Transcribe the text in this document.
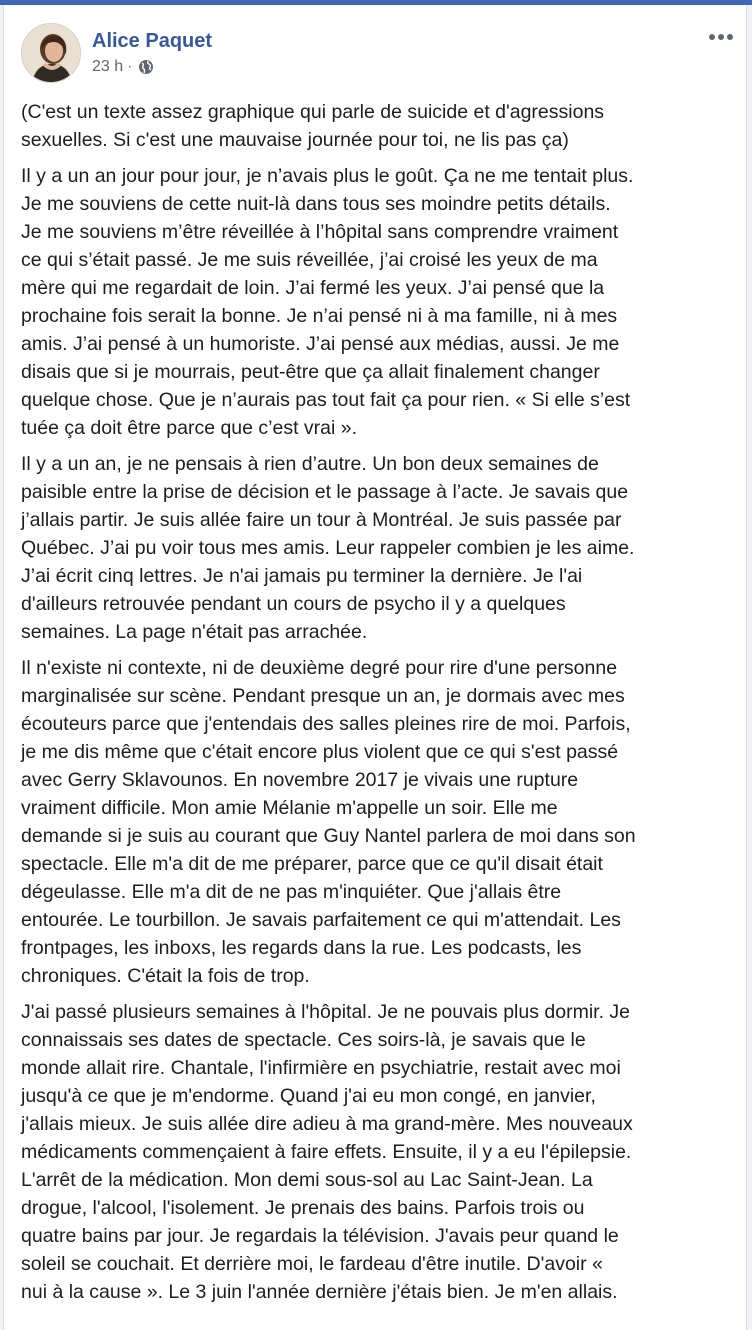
Alice Paquet
23 h ·

(C'est un texte assez graphique qui parle de suicide et d'agressions
sexuelles. Si c'est une mauvaise journée pour toi, ne lis pas ça)

Il y a un an jour pour jour, je n’avais plus le goût. Ça ne me tentait plus.
Je me souviens de cette nuit-là dans tous ses moindre petits détails.
Je me souviens m’être réveillée à l’hôpital sans comprendre vraiment
ce qui s’était passé. Je me suis réveillée, j’ai croisé les yeux de ma
mère qui me regardait de loin. J’ai fermé les yeux. J’ai pensé que la
prochaine fois serait la bonne. Je n’ai pensé ni à ma famille, ni à mes
amis. J’ai pensé à un humoriste. J’ai pensé aux médias, aussi. Je me
disais que si je mourrais, peut-être que ça allait finalement changer
quelque chose. Que je n’aurais pas tout fait ça pour rien. « Si elle s’est
tuée ça doit être parce que c’est vrai ».

Il y a un an, je ne pensais à rien d’autre. Un bon deux semaines de
paisible entre la prise de décision et le passage à l’acte. Je savais que
j’allais partir. Je suis allée faire un tour à Montréal. Je suis passée par
Québec. J’ai pu voir tous mes amis. Leur rappeler combien je les aime.
J’ai écrit cinq lettres. Je n'ai jamais pu terminer la dernière. Je l'ai
d'ailleurs retrouvée pendant un cours de psycho il y a quelques
semaines. La page n'était pas arrachée.

Il n'existe ni contexte, ni de deuxième degré pour rire d'une personne
marginalisée sur scène. Pendant presque un an, je dormais avec mes
écouteurs parce que j'entendais des salles pleines rire de moi. Parfois,
je me dis même que c'était encore plus violent que ce qui s'est passé
avec Gerry Sklavounos. En novembre 2017 je vivais une rupture
vraiment difficile. Mon amie Mélanie m'appelle un soir. Elle me
demande si je suis au courant que Guy Nantel parlera de moi dans son
spectacle. Elle m'a dit de me préparer, parce que ce qu'il disait était
dégeulasse. Elle m'a dit de ne pas m'inquiéter. Que j'allais être
entourée. Le tourbillon. Je savais parfaitement ce qui m'attendait. Les
frontpages, les inboxs, les regards dans la rue. Les podcasts, les
chroniques. C'était la fois de trop.

J'ai passé plusieurs semaines à l'hôpital. Je ne pouvais plus dormir. Je
connaissais ses dates de spectacle. Ces soirs-là, je savais que le
monde allait rire. Chantale, l'infirmière en psychiatrie, restait avec moi
jusqu'à ce que je m'endorme. Quand j'ai eu mon congé, en janvier,
j'allais mieux. Je suis allée dire adieu à ma grand-mère. Mes nouveaux
médicaments commençaient à faire effets. Ensuite, il y a eu l'épilepsie.
L'arrêt de la médication. Mon demi sous-sol au Lac Saint-Jean. La
drogue, l'alcool, l'isolement. Je prenais des bains. Parfois trois ou
quatre bains par jour. Je regardais la télévision. J'avais peur quand le
soleil se couchait. Et derrière moi, le fardeau d'être inutile. D'avoir «
nui à la cause ». Le 3 juin l'année dernière j'étais bien. Je m'en allais.
